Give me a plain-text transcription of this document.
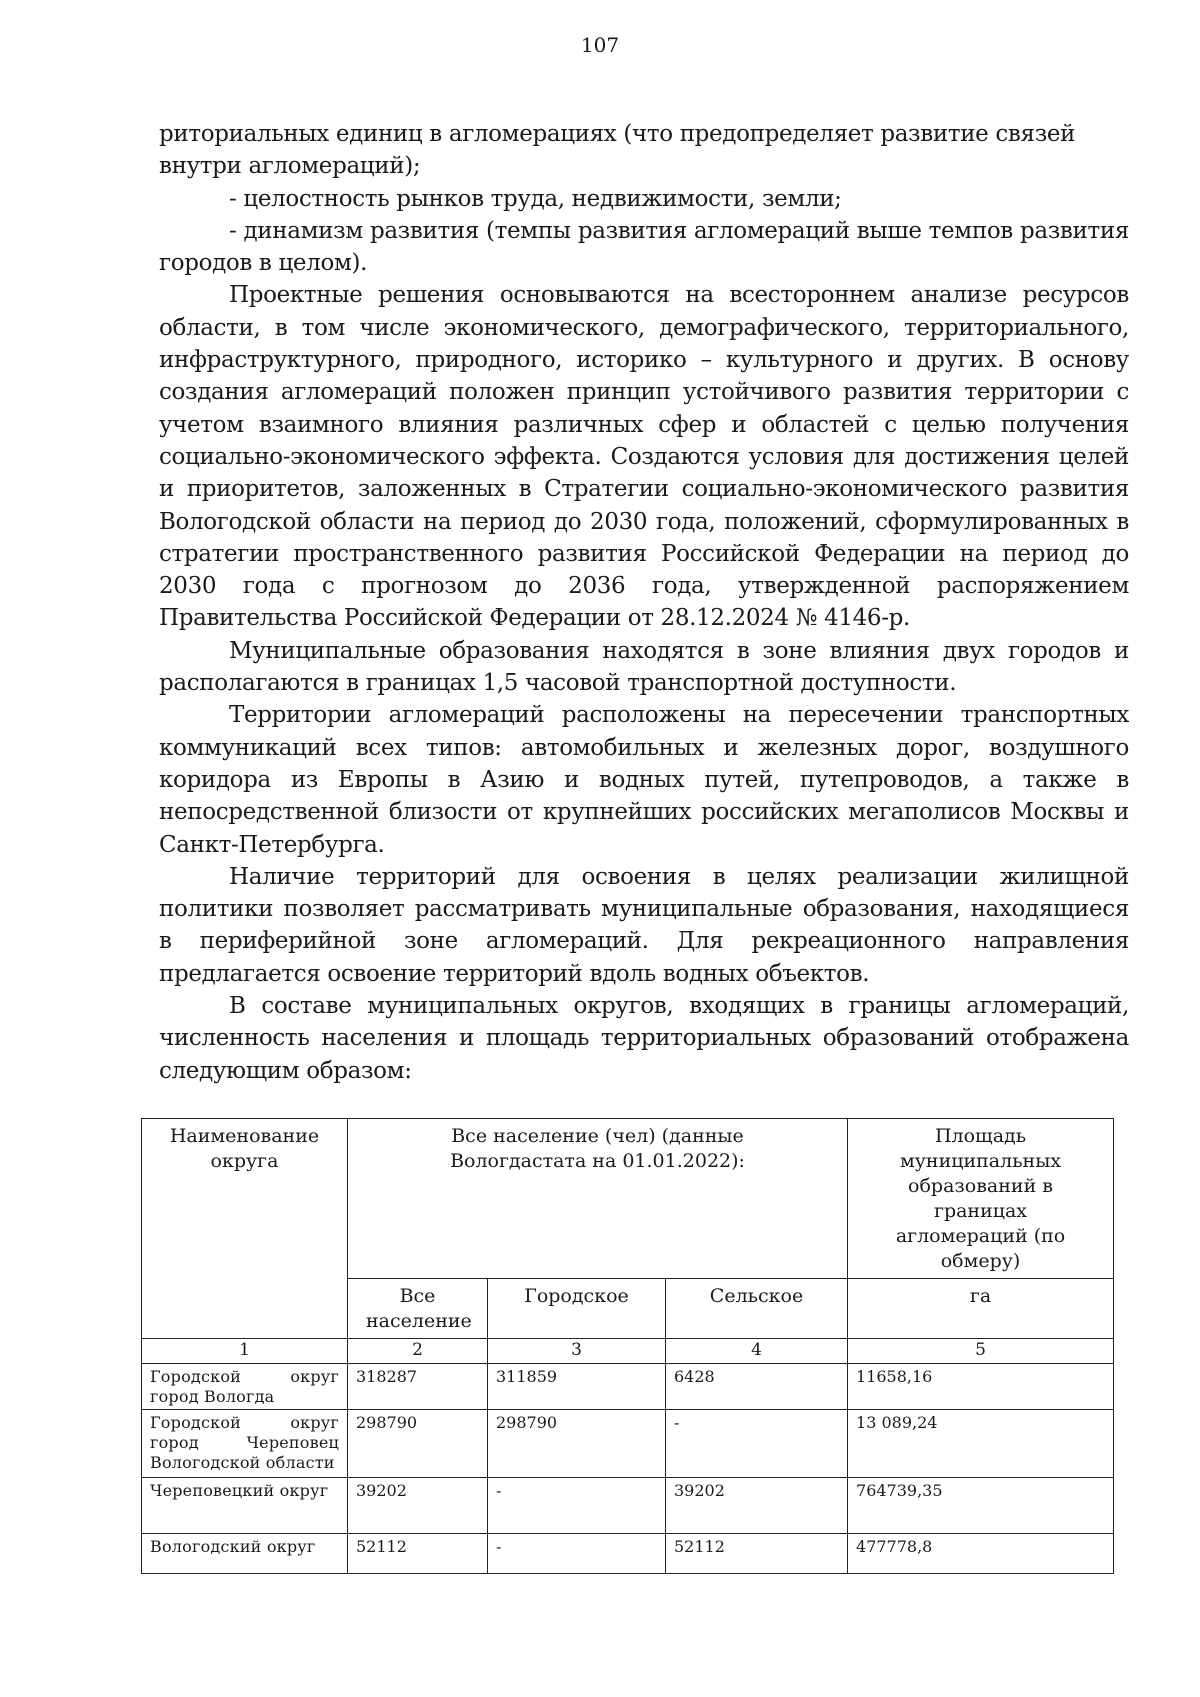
107

риториальных единиц в агломерациях (что предопределяет развитие связей внутри агломераций);

- целостность рынков труда, недвижимости, земли;

- динамизм развития (темпы развития агломераций выше темпов развития городов в целом).

Проектные решения основываются на всестороннем анализе ресурсов области, в том числе экономического, демографического, территориального, инфраструктурного, природного, историко – культурного и других. В основу создания агломераций положен принцип устойчивого развития территории с учетом взаимного влияния различных сфер и областей с целью получения социально-экономического эффекта. Создаются условия для достижения целей и приоритетов, заложенных в Стратегии социально-экономического развития Вологодской области на период до 2030 года, положений, сформулированных в стратегии пространственного развития Российской Федерации на период до 2030 года с прогнозом до 2036 года, утвержденной распоряжением Правительства Российской Федерации от 28.12.2024 № 4146-р.

Муниципальные образования находятся в зоне влияния двух городов и располагаются в границах 1,5 часовой транспортной доступности.

Территории агломераций расположены на пересечении транспортных коммуникаций всех типов: автомобильных и железных дорог, воздушного коридора из Европы в Азию и водных путей, путепроводов, а также в непосредственной близости от крупнейших российских мегаполисов Москвы и Санкт-Петербурга.

Наличие территорий для освоения в целях реализации жилищной политики позволяет рассматривать муниципальные образования, находящиеся в периферийной зоне агломераций. Для рекреационного направления предлагается освоение территорий вдоль водных объектов.

В составе муниципальных округов, входящих в границы агломераций, численность населения и площадь территориальных образований отображена следующим образом:

Наименование округа	Все население (чел) (данные Вологдастата на 01.01.2022):			Площадь муниципальных образований в границах агломераций (по обмеру)
	Все население	Городское	Сельское	га
1	2	3	4	5
Городской округ город Вологда	318287	311859	6428	11658,16
Городской округ город Череповец Вологодской области	298790	298790	-	13 089,24
Череповецкий округ	39202	-	39202	764739,35
Вологодский округ	52112	-	52112	477778,8
